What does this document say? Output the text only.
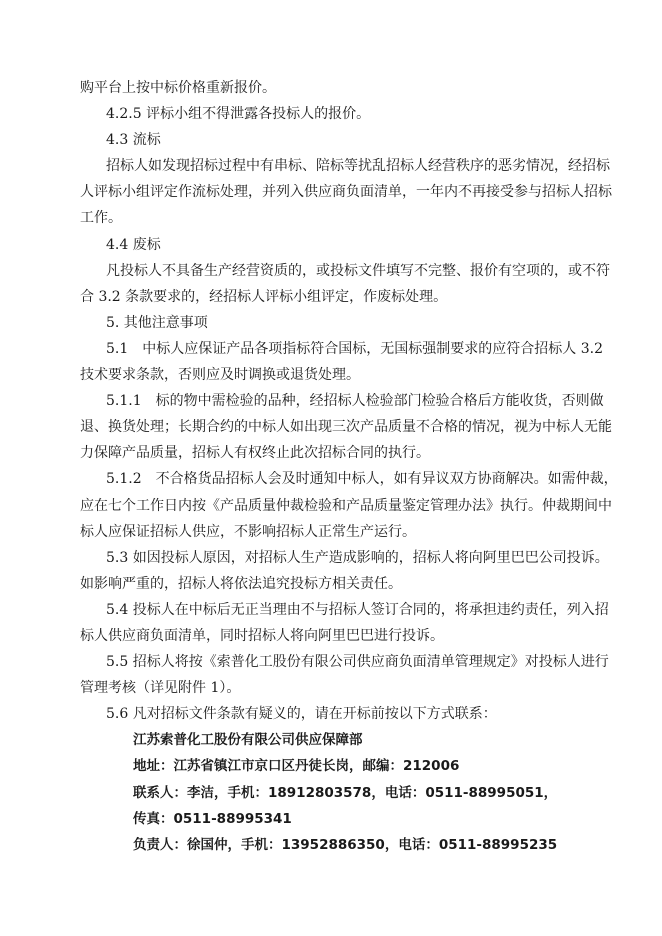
购平台上按中标价格重新报价。
4.2.5 评标小组不得泄露各投标人的报价。
4.3 流标
招标人如发现招标过程中有串标、陪标等扰乱招标人经营秩序的恶劣情况，经招标
人评标小组评定作流标处理，并列入供应商负面清单，一年内不再接受参与招标人招标
工作。
4.4 废标
凡投标人不具备生产经营资质的，或投标文件填写不完整、报价有空项的，或不符
合 3.2 条款要求的，经招标人评标小组评定，作废标处理。
5. 其他注意事项
5.1　中标人应保证产品各项指标符合国标，无国标强制要求的应符合招标人 3.2
技术要求条款，否则应及时调换或退货处理。
5.1.1　标的物中需检验的品种，经招标人检验部门检验合格后方能收货，否则做
退、换货处理；长期合约的中标人如出现三次产品质量不合格的情况，视为中标人无能
力保障产品质量，招标人有权终止此次招标合同的执行。
5.1.2　不合格货品招标人会及时通知中标人，如有异议双方协商解决。如需仲裁，
应在七个工作日内按《产品质量仲裁检验和产品质量鉴定管理办法》执行。仲裁期间中
标人应保证招标人供应，不影响招标人正常生产运行。
5.3 如因投标人原因，对招标人生产造成影响的，招标人将向阿里巴巴公司投诉。
如影响严重的，招标人将依法追究投标方相关责任。
5.4 投标人在中标后无正当理由不与招标人签订合同的，将承担违约责任，列入招
标人供应商负面清单，同时招标人将向阿里巴巴进行投诉。
5.5 招标人将按《索普化工股份有限公司供应商负面清单管理规定》对投标人进行
管理考核（详见附件 1）。
5.6 凡对招标文件条款有疑义的，请在开标前按以下方式联系：
江苏索普化工股份有限公司供应保障部
地址：江苏省镇江市京口区丹徒长岗，邮编：212006
联系人：李洁，手机：18912803578，电话：0511-88995051，
传真：0511-88995341
负责人：徐国仲，手机：13952886350，电话：0511-88995235
